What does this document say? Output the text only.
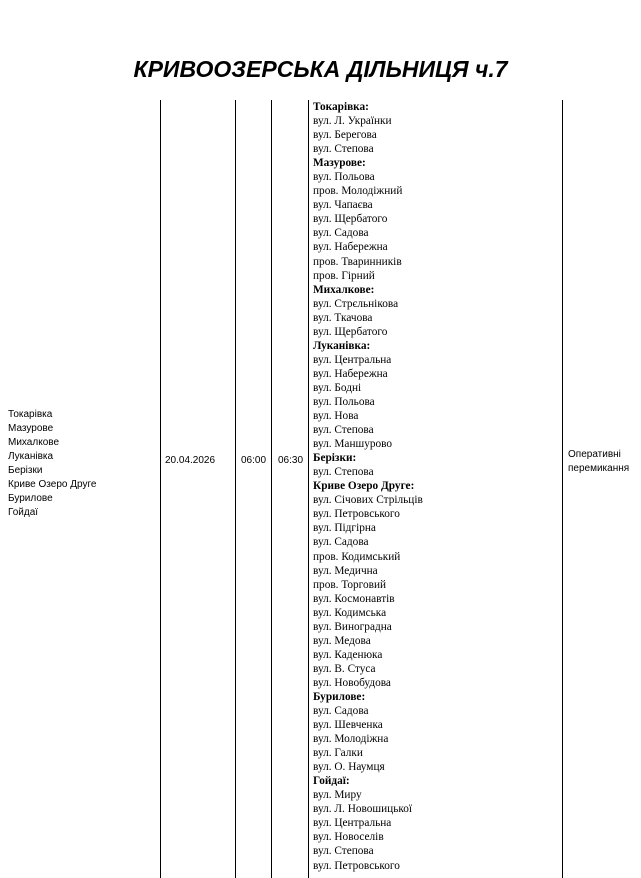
КРИВООЗЕРСЬКА ДІЛЬНИЦЯ ч.7
Токарівка
Мазурове
Михалкове
Луканівка
Берізки
Криве Озеро Друге
Бурилове
Гойдаї
20.04.2026	06:00 06:30
Оперативні перемикання
Токарівка:
вул. Л. Українки
вул. Берегова
вул. Степова
Мазурове:
вул. Польова
пров. Молодіжний
вул. Чапаєва
вул. Щербатого
вул. Садова
вул. Набережна
пров. Тваринників
пров. Гірний
Михалкове:
вул. Стрєльнікова
вул. Ткачова
вул. Щербатого
Луканівка:
вул. Центральна
вул. Набережна
вул. Бодні
вул. Польова
вул. Нова
вул. Степова
вул. Маншурово
Берізки:
вул. Степова
Криве Озеро Друге:
вул. Січових Стрільців
вул. Петровського
вул. Підгірна
вул. Садова
пров. Кодимський
вул. Медична
пров. Торговий
вул. Космонавтів
вул. Кодимська
вул. Виноградна
вул. Медова
вул. Каденюка
вул. В. Стуса
вул. Новобудова
Бурилове:
вул. Садова
вул. Шевченка
вул. Молодіжна
вул. Галки
вул. О. Наумця
Гойдаї:
вул. Миру
вул. Л. Новошицької
вул. Центральна
вул. Новоселів
вул. Степова
вул. Петровського
